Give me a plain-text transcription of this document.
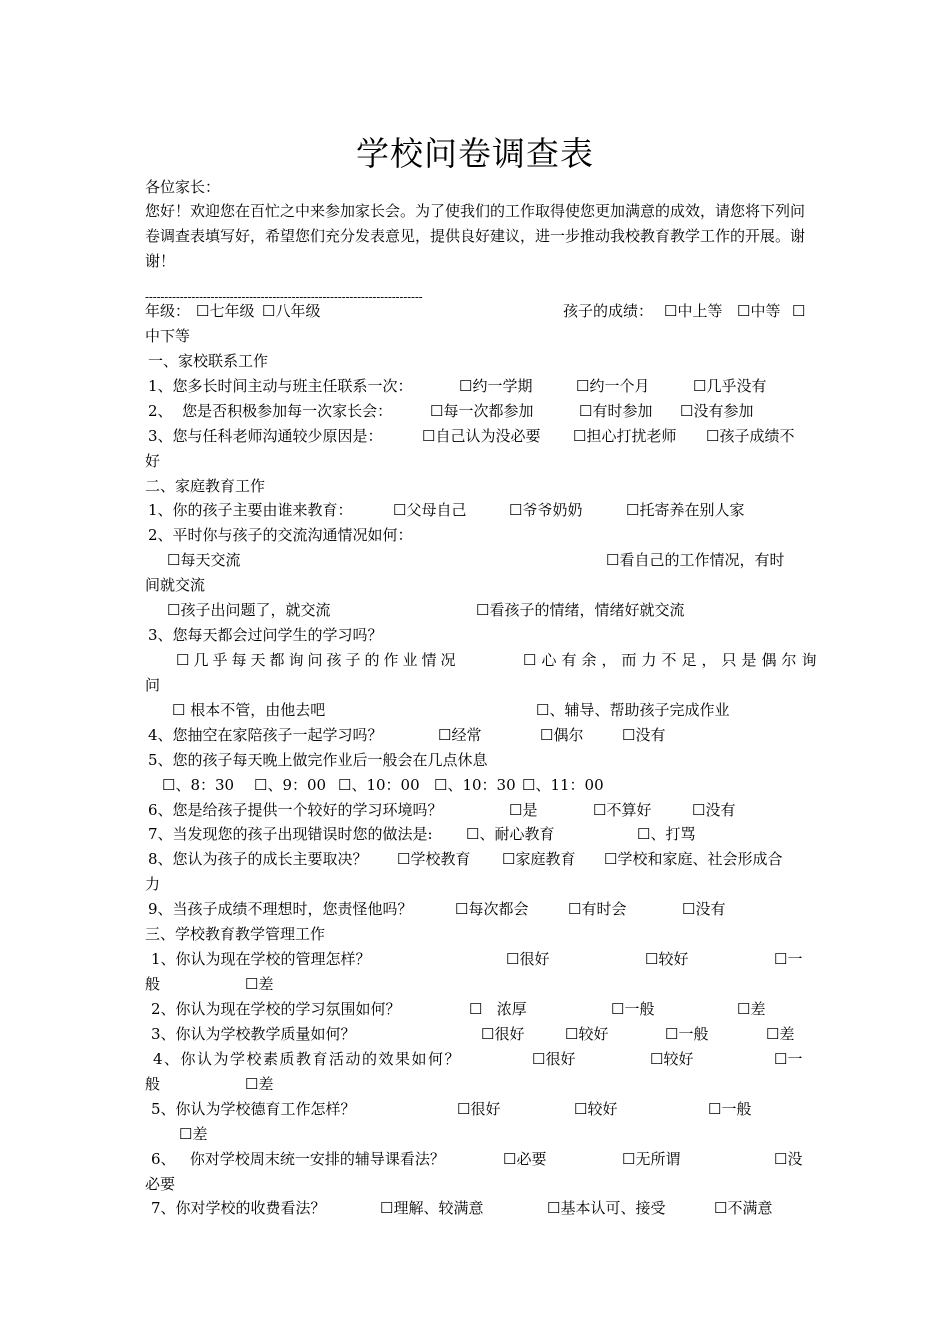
学校问卷调查表
各位家长：
您好！欢迎您在百忙之中来参加家长会。为了使我们的工作取得使您更加满意的成效，请您将下列问卷调查表填写好，希望您们充分发表意见，提供良好建议，进一步推动我校教育教学工作的开展。谢谢！
------------------------------------------------------------------------
年级： ☐七年级 ☐八年级	孩子的成绩： ☐中上等 ☐中等 ☐
中下等
一、家校联系工作
1、您多长时间主动与班主任联系一次：	☐约一学期	☐约一个月	☐几乎没有
2、  您是否积极参加每一次家长会：	☐每一次都参加	☐有时参加 ☐没有参加
3、您与任科老师沟通较少原因是：	☐自己认为没必要 ☐担心打扰老师 ☐孩子成绩不
好
二、家庭教育工作
1、你的孩子主要由谁来教育：	☐父母自己	☐爷爷奶奶	☐托寄养在别人家
2、平时你与孩子的交流沟通情况如何：
☐每天交流	☐看自己的工作情况，有时
间就交流
☐孩子出问题了，就交流	☐看孩子的情绪，情绪好就交流
3、您每天都会过问学生的学习吗？
☐几乎每天都询问孩子的作业情况	☐心有余，而力不足，只是偶尔询
问
☐ 根本不管，由他去吧	☐、辅导、帮助孩子完成作业
4、您抽空在家陪孩子一起学习吗？	☐经常	☐偶尔	☐没有
5、您的孩子每天晚上做完作业后一般会在几点休息
☐、8：30 ☐、9：00 ☐、10：00 ☐、10：30 ☐、11：00
6、您是给孩子提供一个较好的学习环境吗？	☐是	☐不算好	☐没有
7、当发现您的孩子出现错误时您的做法是: ☐、耐心教育	☐、打骂
8、您认为孩子的成长主要取决？ ☐学校教育 ☐家庭教育 ☐学校和家庭、社会形成合
力
9、当孩子成绩不理想时，您责怪他吗？	☐每次都会	☐有时会	☐没有
三、学校教育教学管理工作
1、你认为现在学校的管理怎样？	☐很好	☐较好	☐一
般	☐差
2、你认为现在学校的学习氛围如何？	☐   浓厚	☐一般	☐差
3、你认为学校教学质量如何？	☐很好	☐较好	☐一般	☐差
4、你认为学校素质教育活动的效果如何？	☐很好	☐较好	☐一
般	☐差
5、你认为学校德育工作怎样？	☐很好	☐较好	☐一般
☐差
6、   你对学校周末统一安排的辅导课看法？	☐必要	☐无所谓	☐没
必要
7、你对学校的收费看法？	☐理解、较满意	☐基本认可、接受	☐不满意
